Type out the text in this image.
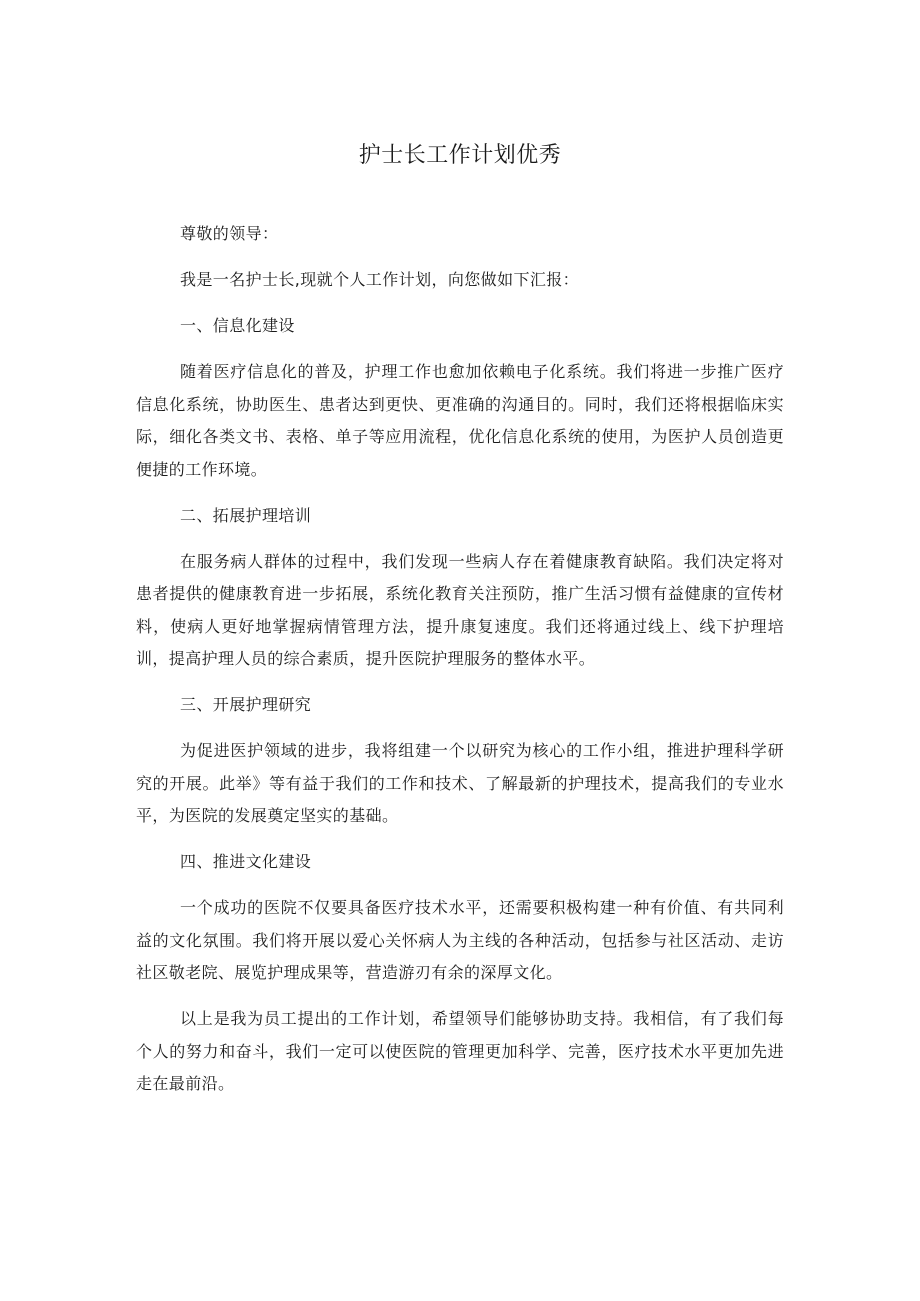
护士长工作计划优秀

尊敬的领导：

我是一名护士长,现就个人工作计划，向您做如下汇报：

一、信息化建设

随着医疗信息化的普及，护理工作也愈加依赖电子化系统。我们将进一步推广医疗信息化系统，协助医生、患者达到更快、更准确的沟通目的。同时，我们还将根据临床实际，细化各类文书、表格、单子等应用流程，优化信息化系统的使用，为医护人员创造更便捷的工作环境。

二、拓展护理培训

在服务病人群体的过程中，我们发现一些病人存在着健康教育缺陷。我们决定将对患者提供的健康教育进一步拓展，系统化教育关注预防，推广生活习惯有益健康的宣传材料，使病人更好地掌握病情管理方法，提升康复速度。我们还将通过线上、线下护理培训，提高护理人员的综合素质，提升医院护理服务的整体水平。

三、开展护理研究

为促进医护领域的进步，我将组建一个以研究为核心的工作小组，推进护理科学研究的开展。此举》等有益于我们的工作和技术、了解最新的护理技术，提高我们的专业水平，为医院的发展奠定坚实的基础。

四、推进文化建设

一个成功的医院不仅要具备医疗技术水平，还需要积极构建一种有价值、有共同利益的文化氛围。我们将开展以爱心关怀病人为主线的各种活动，包括参与社区活动、走访社区敬老院、展览护理成果等，营造游刃有余的深厚文化。

以上是我为员工提出的工作计划，希望领导们能够协助支持。我相信，有了我们每个人的努力和奋斗，我们一定可以使医院的管理更加科学、完善，医疗技术水平更加先进走在最前沿。
